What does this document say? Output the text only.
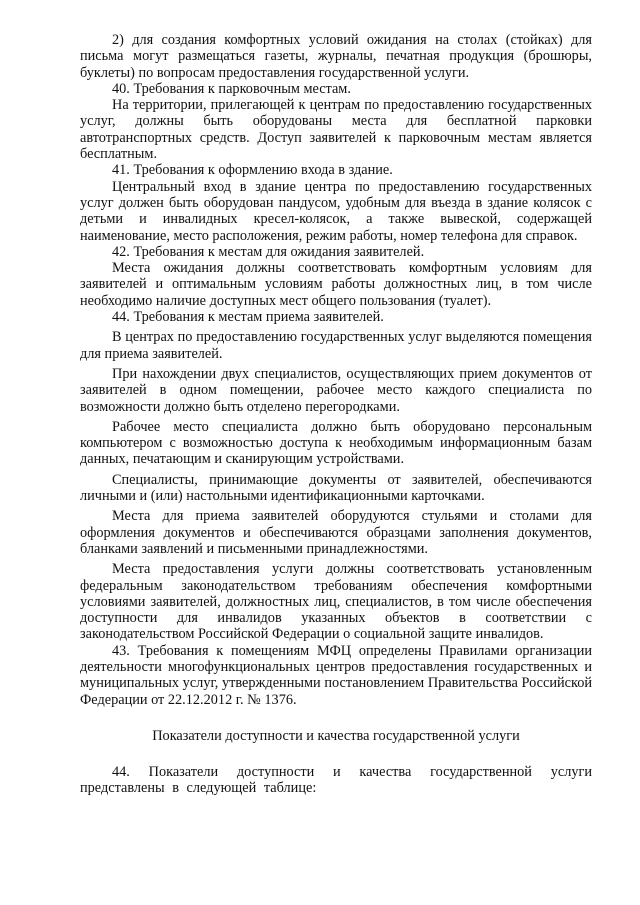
2) для создания комфортных условий ожидания на столах (стойках) для письма могут размещаться газеты, журналы, печатная продукция (брошюры, буклеты) по вопросам предоставления государственной услуги.

40. Требования к парковочным местам.

На территории, прилегающей к центрам по предоставлению государственных услуг, должны быть оборудованы места для бесплатной парковки автотранспортных средств. Доступ заявителей к парковочным местам является бесплатным.

41. Требования к оформлению входа в здание.

Центральный вход в здание центра по предоставлению государственных услуг должен быть оборудован пандусом, удобным для въезда в здание колясок с детьми и инвалидных кресел-колясок, а также вывеской, содержащей наименование, место расположения, режим работы, номер телефона для справок.

42. Требования к местам для ожидания заявителей.

Места ожидания должны соответствовать комфортным условиям для заявителей и оптимальным условиям работы должностных лиц, в том числе необходимо наличие доступных мест общего пользования (туалет).

44. Требования к местам приема заявителей.

В центрах по предоставлению государственных услуг выделяются помещения для приема заявителей.

При нахождении двух специалистов, осуществляющих прием документов от заявителей в одном помещении, рабочее место каждого специалиста по возможности должно быть отделено перегородками.

Рабочее место специалиста должно быть оборудовано персональным компьютером с возможностью доступа к необходимым информационным базам данных, печатающим и сканирующим устройствами.

Специалисты, принимающие документы от заявителей, обеспечиваются личными и (или) настольными идентификационными карточками.

Места для приема заявителей оборудуются стульями и столами для оформления документов и обеспечиваются образцами заполнения документов, бланками заявлений и письменными принадлежностями.

Места предоставления услуги должны соответствовать установленным федеральным законодательством требованиям обеспечения комфортными условиями заявителей, должностных лиц, специалистов, в том числе обеспечения доступности для инвалидов указанных объектов в соответствии с законодательством Российской Федерации о социальной защите инвалидов.

43. Требования к помещениям МФЦ определены Правилами организации деятельности многофункциональных центров предоставления государственных и муниципальных услуг, утвержденными постановлением Правительства Российской Федерации от 22.12.2012 г. № 1376.

Показатели доступности и качества государственной услуги

44. Показатели доступности и качества государственной услуги представлены в следующей таблице:
